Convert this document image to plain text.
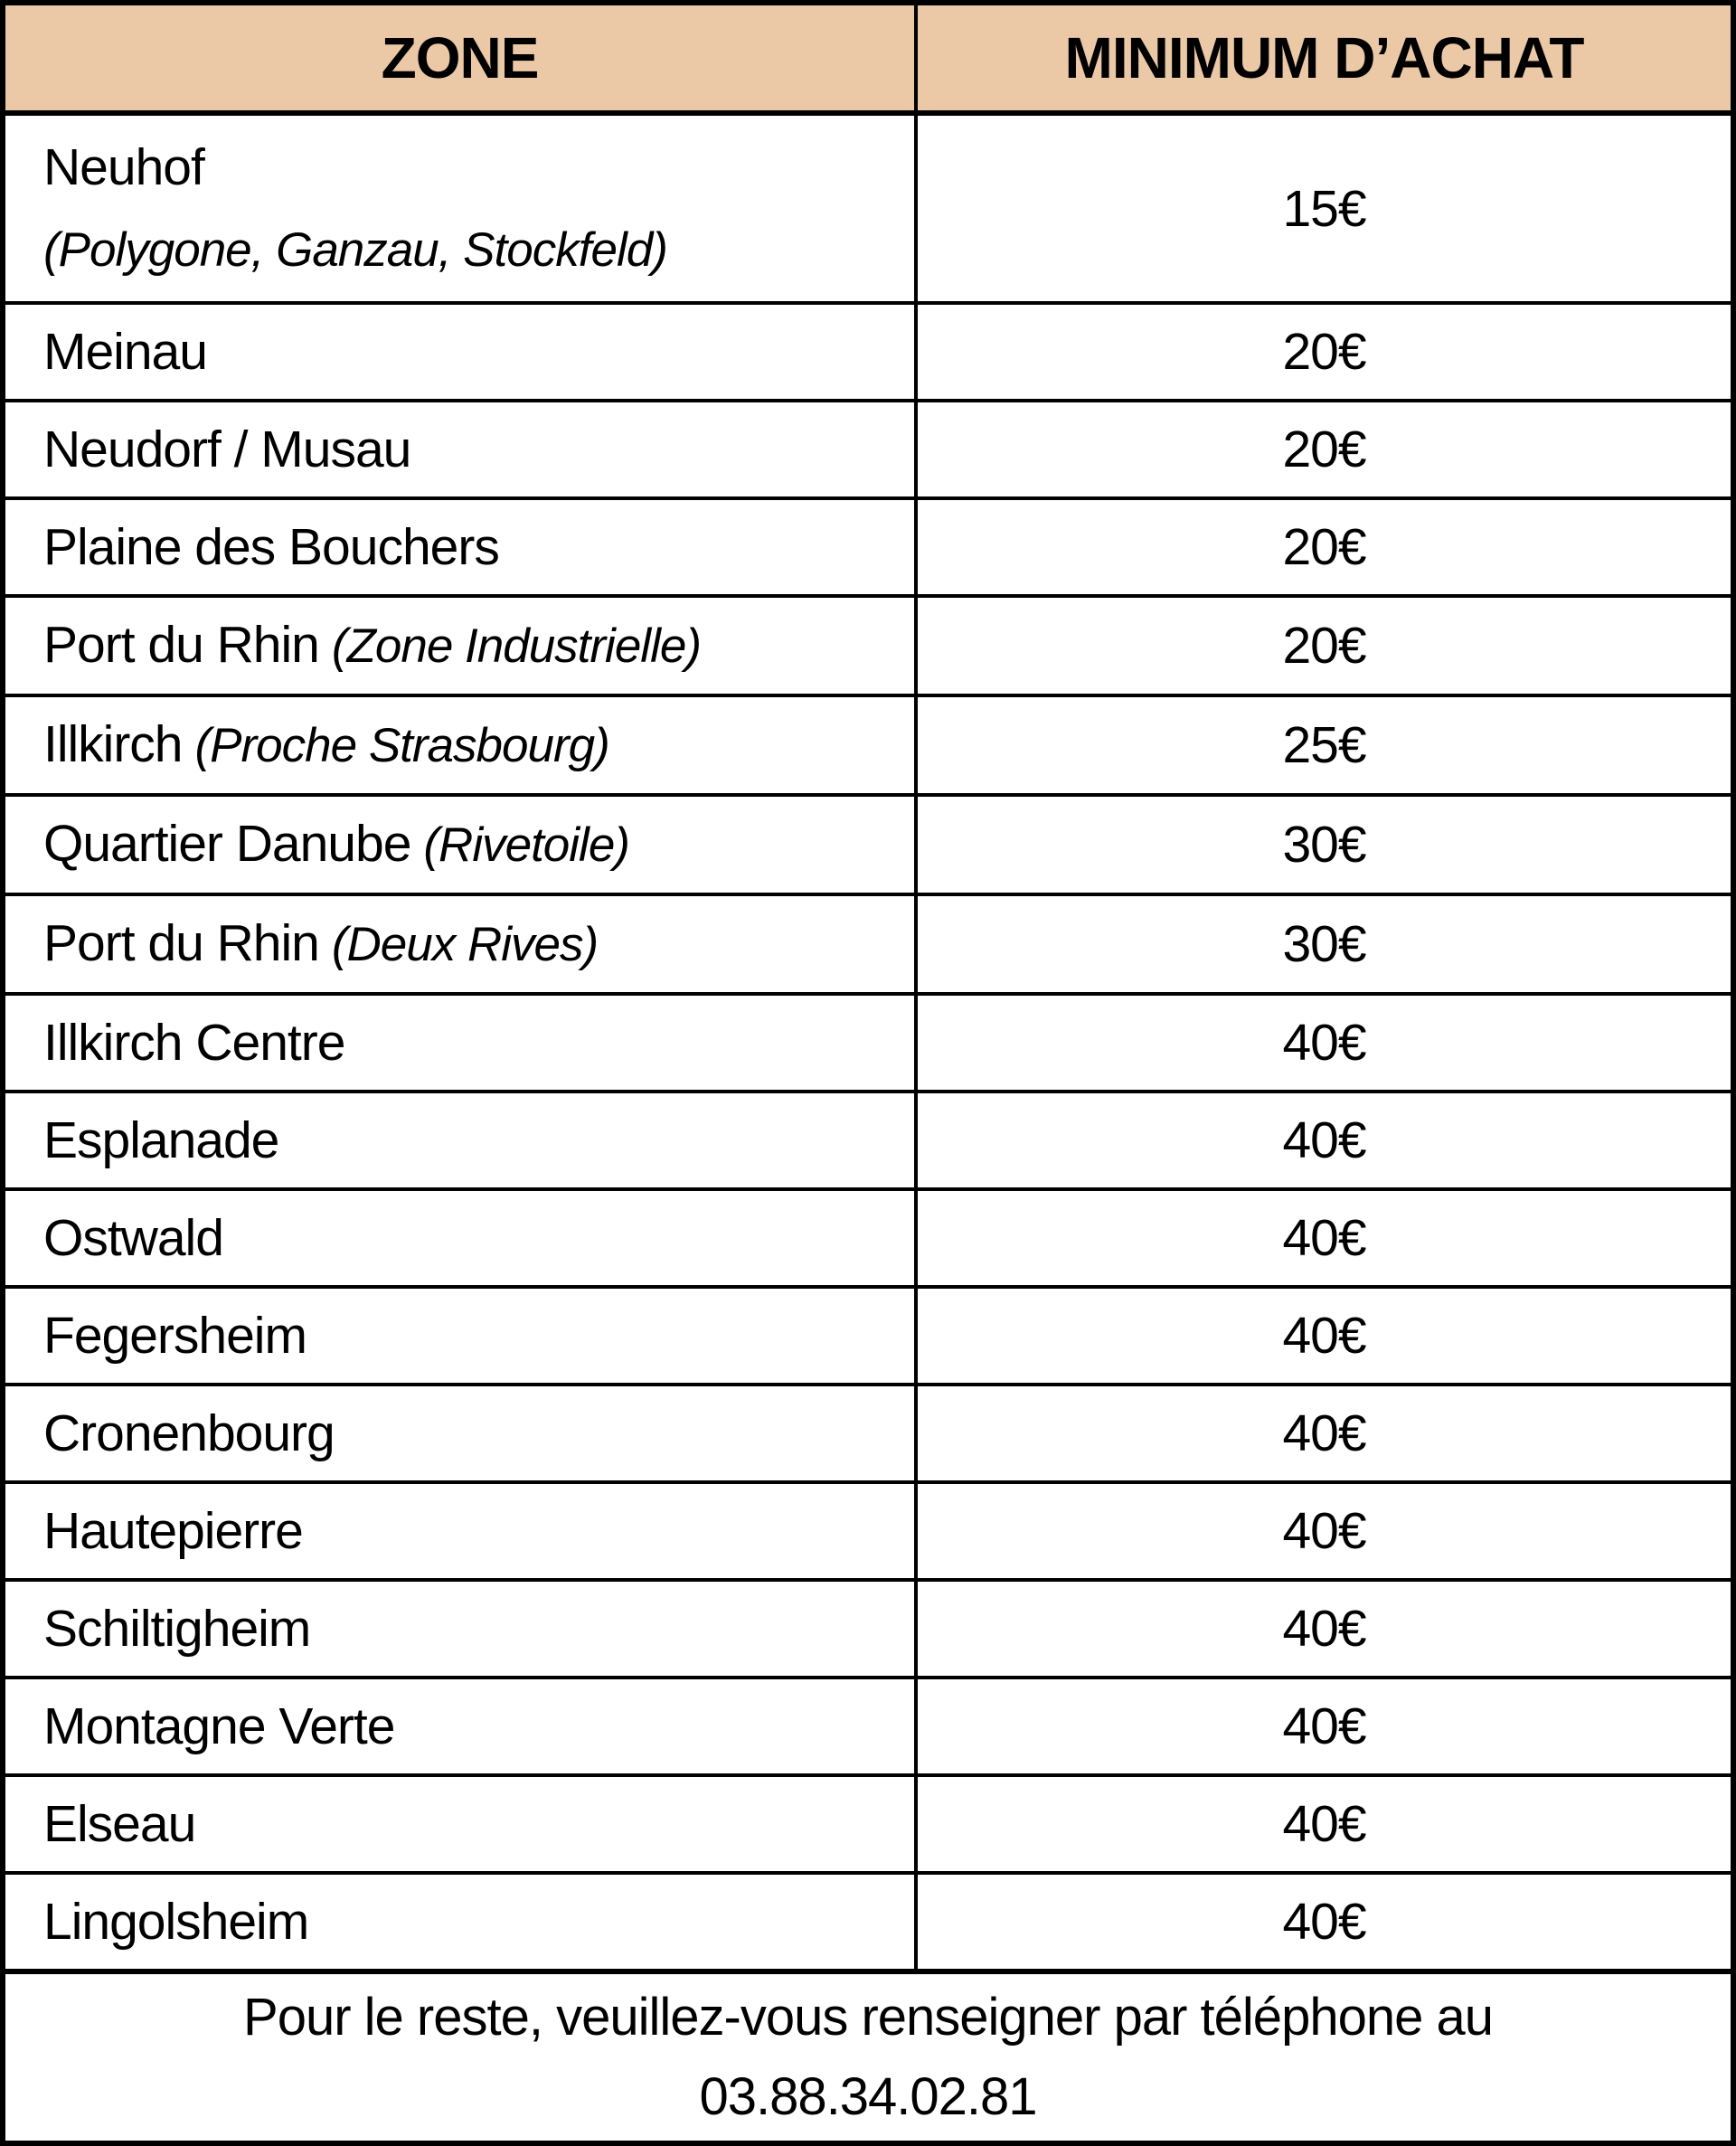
ZONE	MINIMUM D’ACHAT
Neuhof
(Polygone, Ganzau, Stockfeld)	15€
Meinau	20€
Neudorf / Musau	20€
Plaine des Bouchers	20€
Port du Rhin (Zone Industrielle)	20€
Illkirch (Proche Strasbourg)	25€
Quartier Danube (Rivetoile)	30€
Port du Rhin (Deux Rives)	30€
Illkirch Centre	40€
Esplanade	40€
Ostwald	40€
Fegersheim	40€
Cronenbourg	40€
Hautepierre	40€
Schiltigheim	40€
Montagne Verte	40€
Elseau	40€
Lingolsheim	40€

Pour le reste, veuillez-vous renseigner par téléphone au
03.88.34.02.81	
